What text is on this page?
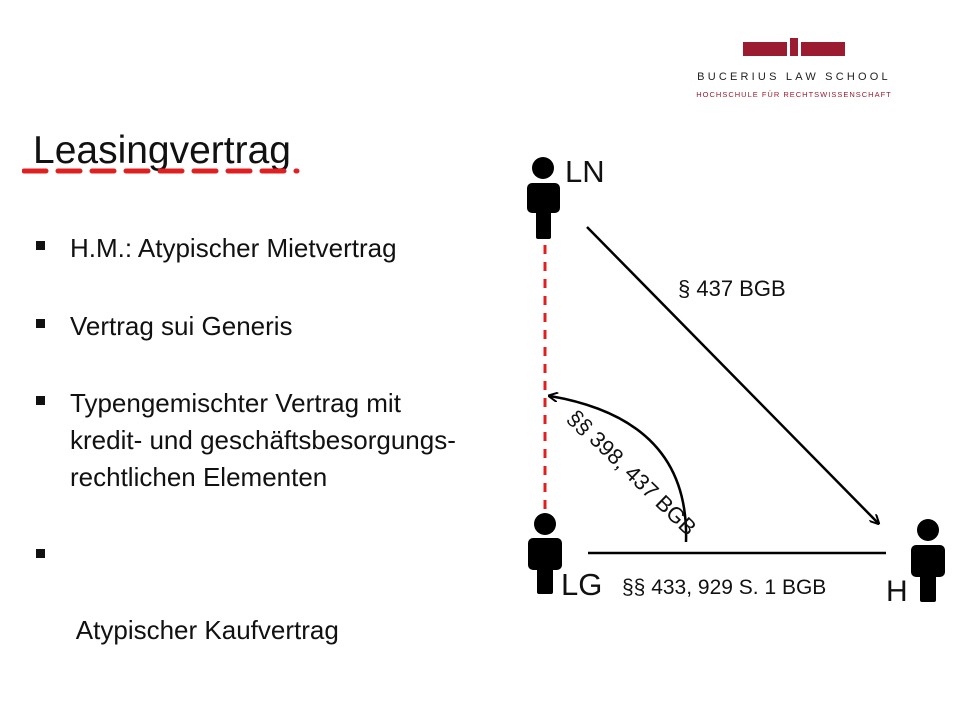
BUCERIUS LAW SCHOOL
HOCHSCHULE FÜR RECHTSWISSENSCHAFT
Leasingvertrag
H.M.: Atypischer Mietvertrag
Vertrag sui Generis
Typengemischter Vertrag mit
kredit- und geschäftsbesorgungs-
rechtlichen Elementen

Atypischer Kaufvertrag

LN
LG	H
§ 437 BGB
§§ 398, 437 BGB
§§ 433, 929 S. 1 BGB
